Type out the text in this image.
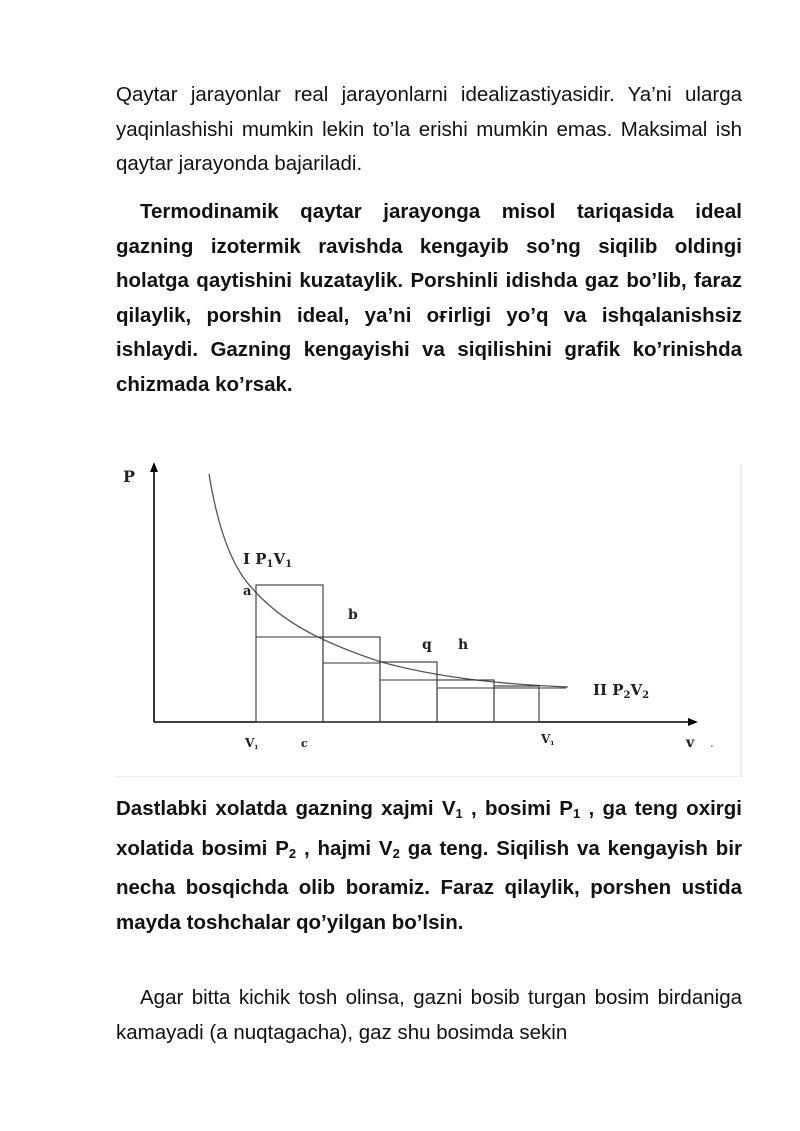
Qaytar jarayonlar real jarayonlarni idealizastiyasidir. Ya’ni ularga yaqinlashishi mumkin lekin to’la erishi mumkin emas. Maksimal ish qaytar jarayonda bajariladi.

Termodinamik qaytar jarayonga misol tariqasida ideal gazning izotermik ravishda kengayib so’ng siqilib oldingi holatga qaytishini kuzataylik. Porshinli idishda gaz bo’lib, faraz qilaylik, porshin ideal, ya’ni oғirligi yo’q va ishqalanishsiz ishlaydi. Gazning kengayishi va siqilishini grafik ko’rinishda chizmada ko’rsak.

P
v .
I $P_1V_1$
II $P_2V_2$
a
b
q h
V₁	c	V₁

Dastlabki xolatda gazning xajmi $V_1$ , bosimi $P_1$ , ga teng oxirgi xolatida bosimi $P_2$ , hajmi $V_2$ ga teng. Siqilish va kengayish bir necha bosqichda olib boramiz. Faraz qilaylik, porshen ustida mayda toshchalar qo’yilgan bo’lsin.

Agar bitta kichik tosh olinsa, gazni bosib turgan bosim birdaniga kamayadi (a nuqtagacha), gaz shu bosimda sekin
